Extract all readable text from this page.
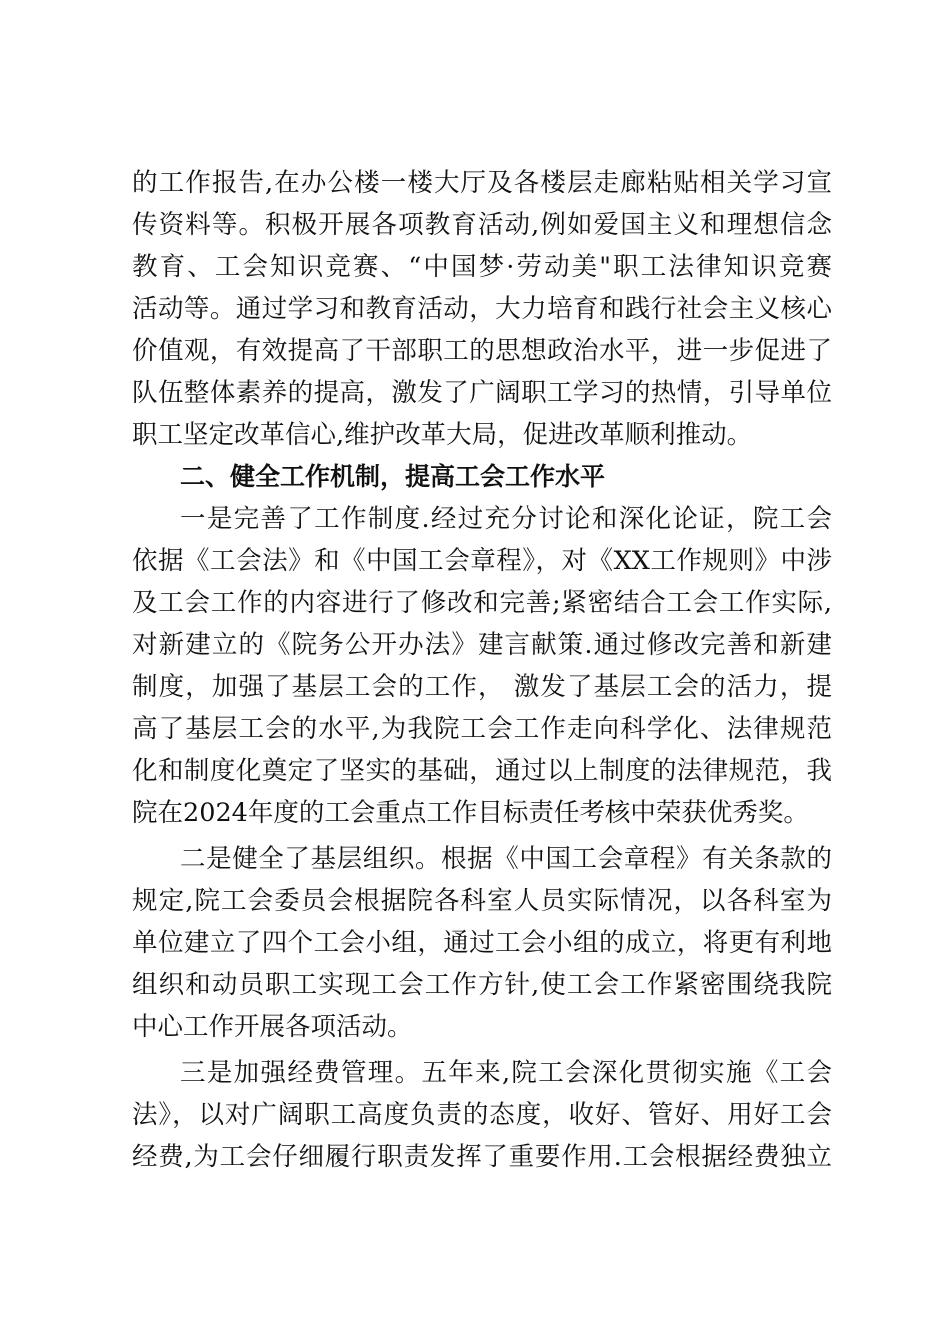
的工作报告,在办公楼一楼大厅及各楼层走廊粘贴相关学习宣
传资料等。积极开展各项教育活动,例如爱国主义和理想信念
教育、工会知识竞赛、“中国梦·劳动美"职工法律知识竞赛
活动等。通过学习和教育活动，大力培育和践行社会主义核心
价值观，有效提高了干部职工的思想政治水平，进一步促进了
队伍整体素养的提高，激发了广阔职工学习的热情，引导单位
职工坚定改革信心,维护改革大局，促进改革顺利推动。
二、健全工作机制，提高工会工作水平
一是完善了工作制度.经过充分讨论和深化论证，院工会
依据《工会法》和《中国工会章程》，对《XX工作规则》中涉
及工会工作的内容进行了修改和完善;紧密结合工会工作实际,
对新建立的《院务公开办法》建言献策.通过修改完善和新建
制度，加强了基层工会的工作， 激发了基层工会的活力，提
高了基层工会的水平,为我院工会工作走向科学化、法律规范
化和制度化奠定了坚实的基础，通过以上制度的法律规范，我
院在2024年度的工会重点工作目标责任考核中荣获优秀奖。
二是健全了基层组织。根据《中国工会章程》有关条款的
规定,院工会委员会根据院各科室人员实际情况，以各科室为
单位建立了四个工会小组，通过工会小组的成立，将更有利地
组织和动员职工实现工会工作方针,使工会工作紧密围绕我院
中心工作开展各项活动。
三是加强经费管理。五年来,院工会深化贯彻实施《工会
法》，以对广阔职工高度负责的态度，收好、管好、用好工会
经费,为工会仔细履行职责发挥了重要作用.工会根据经费独立
